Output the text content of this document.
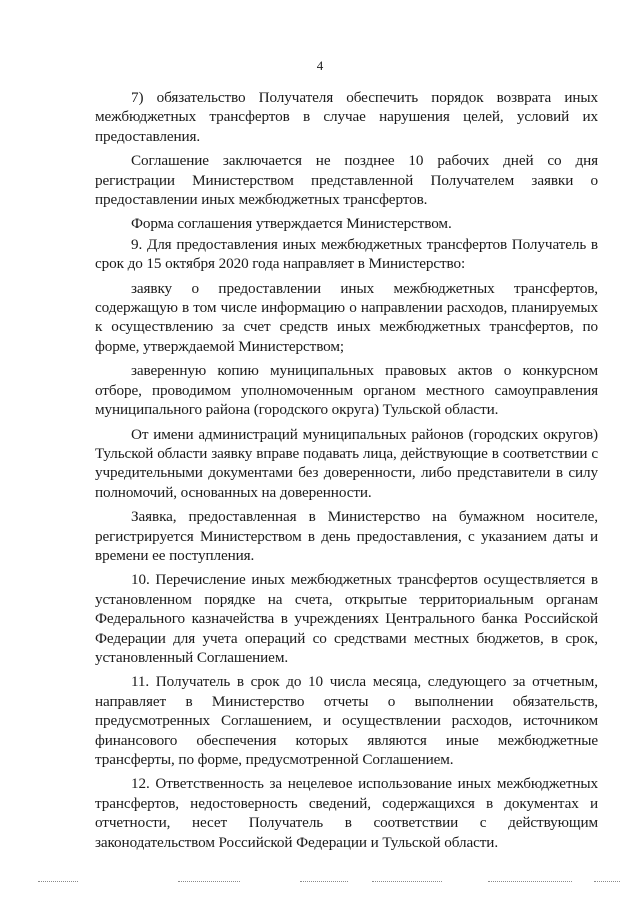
4

7) обязательство Получателя обеспечить порядок возврата иных межбюджетных трансфертов в случае нарушения целей, условий их предоставления.

Соглашение заключается не позднее 10 рабочих дней со дня регистрации Министерством представленной Получателем заявки о предоставлении иных межбюджетных трансфертов.

Форма соглашения утверждается Министерством.

9. Для предоставления иных межбюджетных трансфертов Получатель в срок до 15 октября 2020 года направляет в Министерство:

заявку о предоставлении иных межбюджетных трансфертов, содержащую в том числе информацию о направлении расходов, планируемых к осуществлению за счет средств иных межбюджетных трансфертов, по форме, утверждаемой Министерством;

заверенную копию муниципальных правовых актов о конкурсном отборе, проводимом уполномоченным органом местного самоуправления муниципального района (городского округа) Тульской области.

От имени администраций муниципальных районов (городских округов) Тульской области заявку вправе подавать лица, действующие в соответствии с учредительными документами без доверенности, либо представители в силу полномочий, основанных на доверенности.

Заявка, предоставленная в Министерство на бумажном носителе, регистрируется Министерством в день предоставления, с указанием даты и времени ее поступления.

10. Перечисление иных межбюджетных трансфертов осуществляется в установленном порядке на счета, открытые территориальным органам Федерального казначейства в учреждениях Центрального банка Российской Федерации для учета операций со средствами местных бюджетов, в срок, установленный Соглашением.

11. Получатель в срок до 10 числа месяца, следующего за отчетным, направляет в Министерство отчеты о выполнении обязательств, предусмотренных Соглашением, и осуществлении расходов, источником финансового обеспечения которых являются иные межбюджетные трансферты, по форме, предусмотренной Соглашением.

12. Ответственность за нецелевое использование иных межбюджетных трансфертов, недостоверность сведений, содержащихся в документах и отчетности, несет Получатель в соответствии с действующим законодательством Российской Федерации и Тульской области.
